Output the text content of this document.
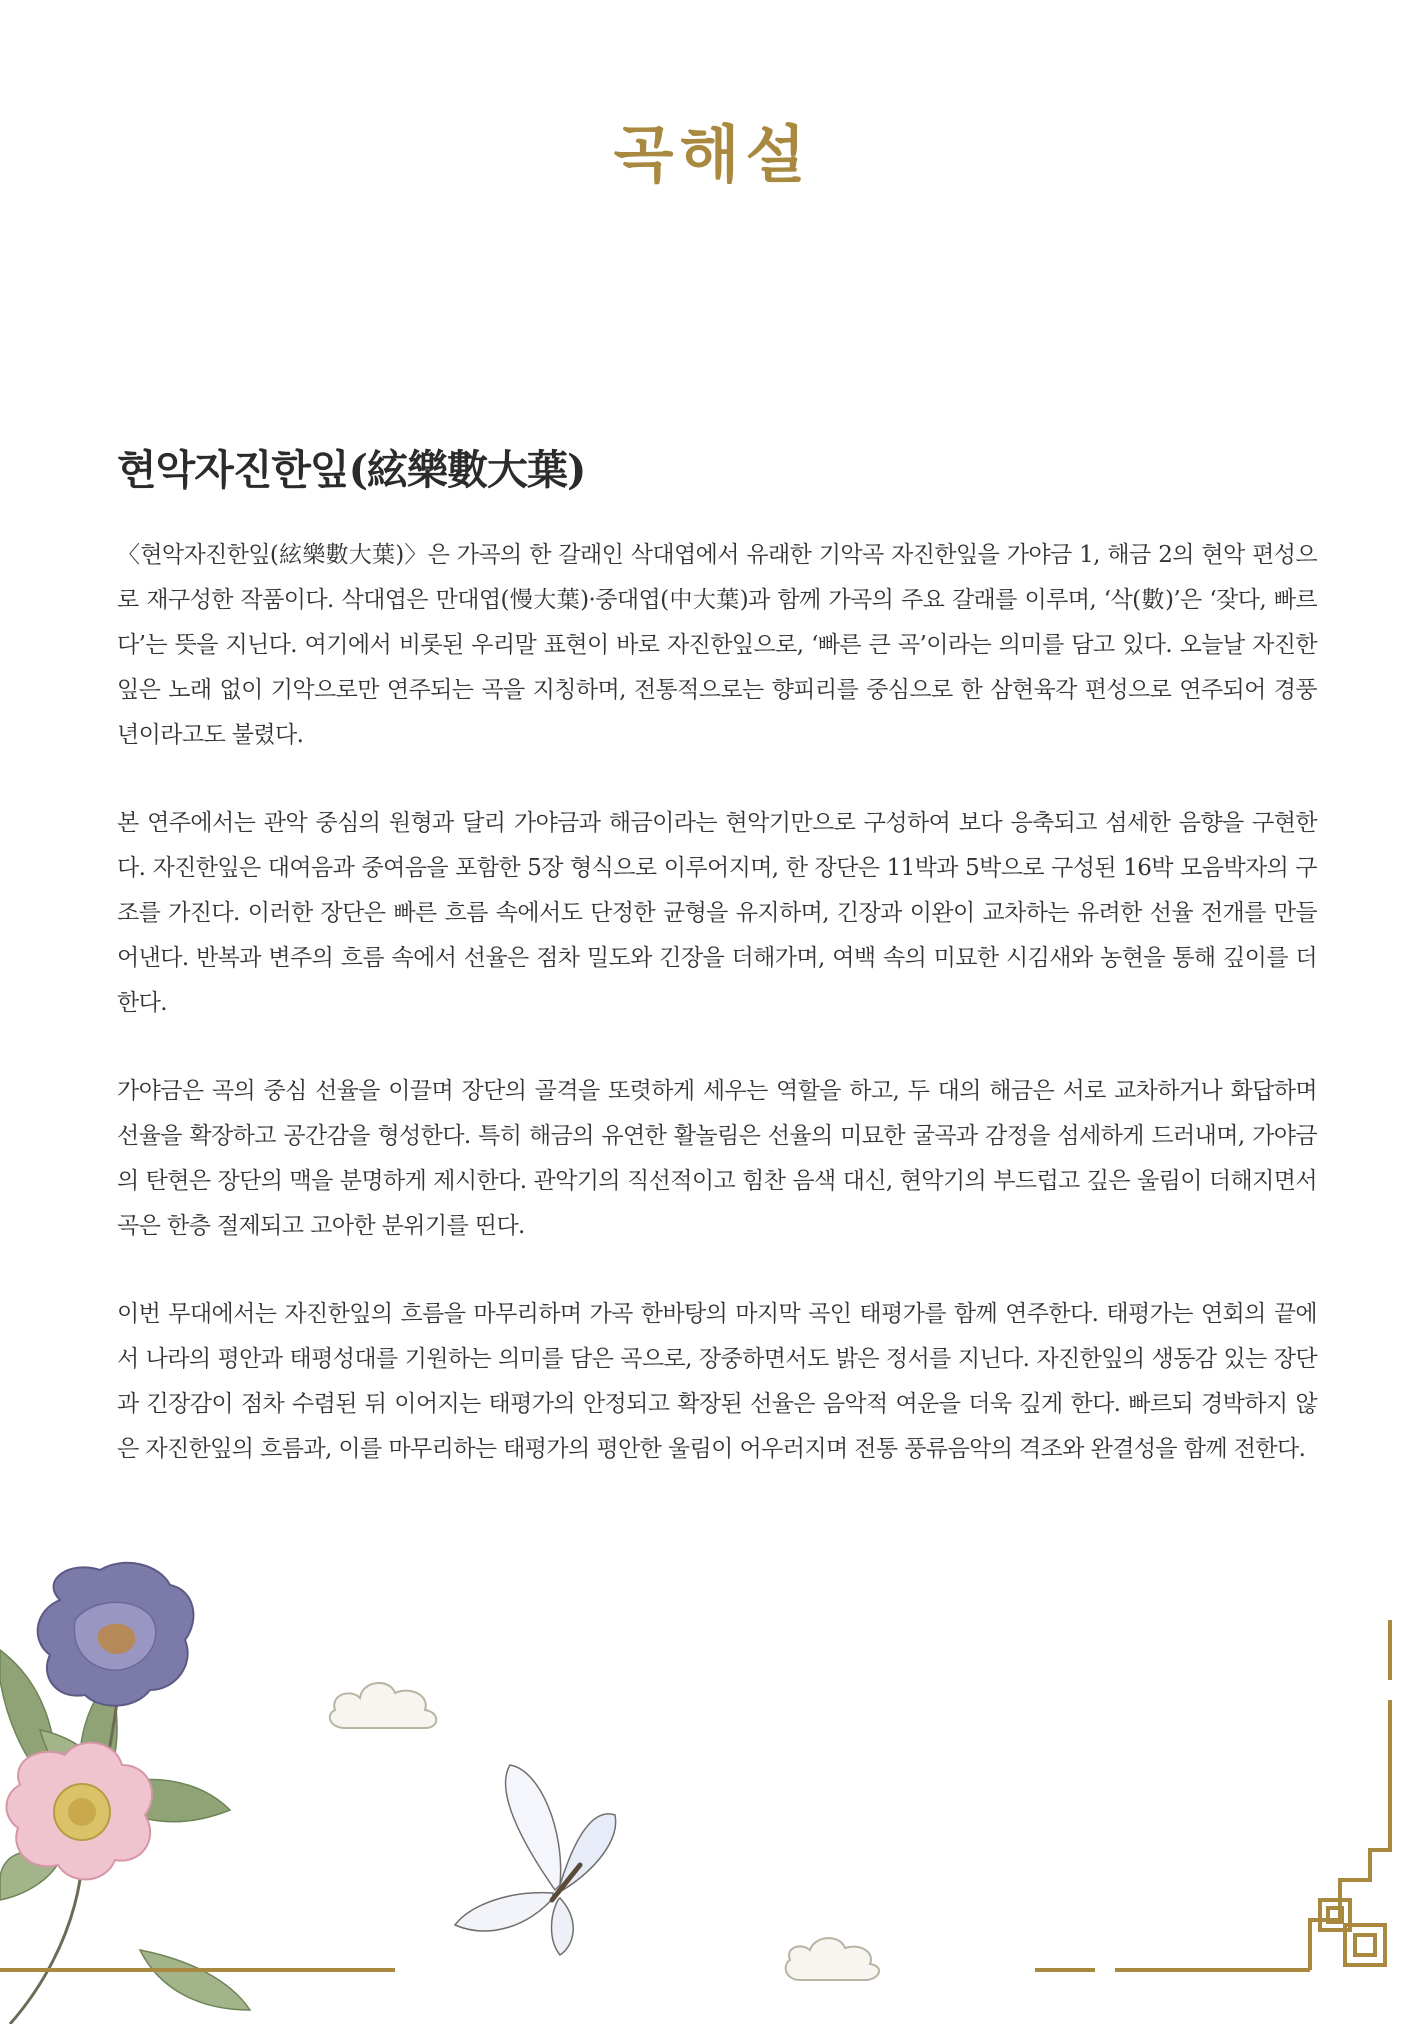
곡해설
현악자진한잎(絃樂數大葉)

〈현악자진한잎(絃樂數大葉)〉은 가곡의 한 갈래인 삭대엽에서 유래한 기악곡 자진한잎을 가야금 1, 해금 2의 현악 편성으로 재구성한 작품이다. 삭대엽은 만대엽(慢大葉)·중대엽(中大葉)과 함께 가곡의 주요 갈래를 이루며, ‘삭(數)’은 ‘잦다, 빠르다’는 뜻을 지닌다. 여기에서 비롯된 우리말 표현이 바로 자진한잎으로, ‘빠른 큰 곡’이라는 의미를 담고 있다. 오늘날 자진한잎은 노래 없이 기악으로만 연주되는 곡을 지칭하며, 전통적으로는 향피리를 중심으로 한 삼현육각 편성으로 연주되어 경풍년이라고도 불렸다.

본 연주에서는 관악 중심의 원형과 달리 가야금과 해금이라는 현악기만으로 구성하여 보다 응축되고 섬세한 음향을 구현한다. 자진한잎은 대여음과 중여음을 포함한 5장 형식으로 이루어지며, 한 장단은 11박과 5박으로 구성된 16박 모음박자의 구조를 가진다. 이러한 장단은 빠른 흐름 속에서도 단정한 균형을 유지하며, 긴장과 이완이 교차하는 유려한 선율 전개를 만들어낸다. 반복과 변주의 흐름 속에서 선율은 점차 밀도와 긴장을 더해가며, 여백 속의 미묘한 시김새와 농현을 통해 깊이를 더한다.

가야금은 곡의 중심 선율을 이끌며 장단의 골격을 또렷하게 세우는 역할을 하고, 두 대의 해금은 서로 교차하거나 화답하며 선율을 확장하고 공간감을 형성한다. 특히 해금의 유연한 활놀림은 선율의 미묘한 굴곡과 감정을 섬세하게 드러내며, 가야금의 탄현은 장단의 맥을 분명하게 제시한다. 관악기의 직선적이고 힘찬 음색 대신, 현악기의 부드럽고 깊은 울림이 더해지면서 곡은 한층 절제되고 고아한 분위기를 띤다.

이번 무대에서는 자진한잎의 흐름을 마무리하며 가곡 한바탕의 마지막 곡인 태평가를 함께 연주한다. 태평가는 연회의 끝에서 나라의 평안과 태평성대를 기원하는 의미를 담은 곡으로, 장중하면서도 밝은 정서를 지닌다. 자진한잎의 생동감 있는 장단과 긴장감이 점차 수렴된 뒤 이어지는 태평가의 안정되고 확장된 선율은 음악적 여운을 더욱 깊게 한다. 빠르되 경박하지 않은 자진한잎의 흐름과, 이를 마무리하는 태평가의 평안한 울림이 어우러지며 전통 풍류음악의 격조와 완결성을 함께 전한다.
